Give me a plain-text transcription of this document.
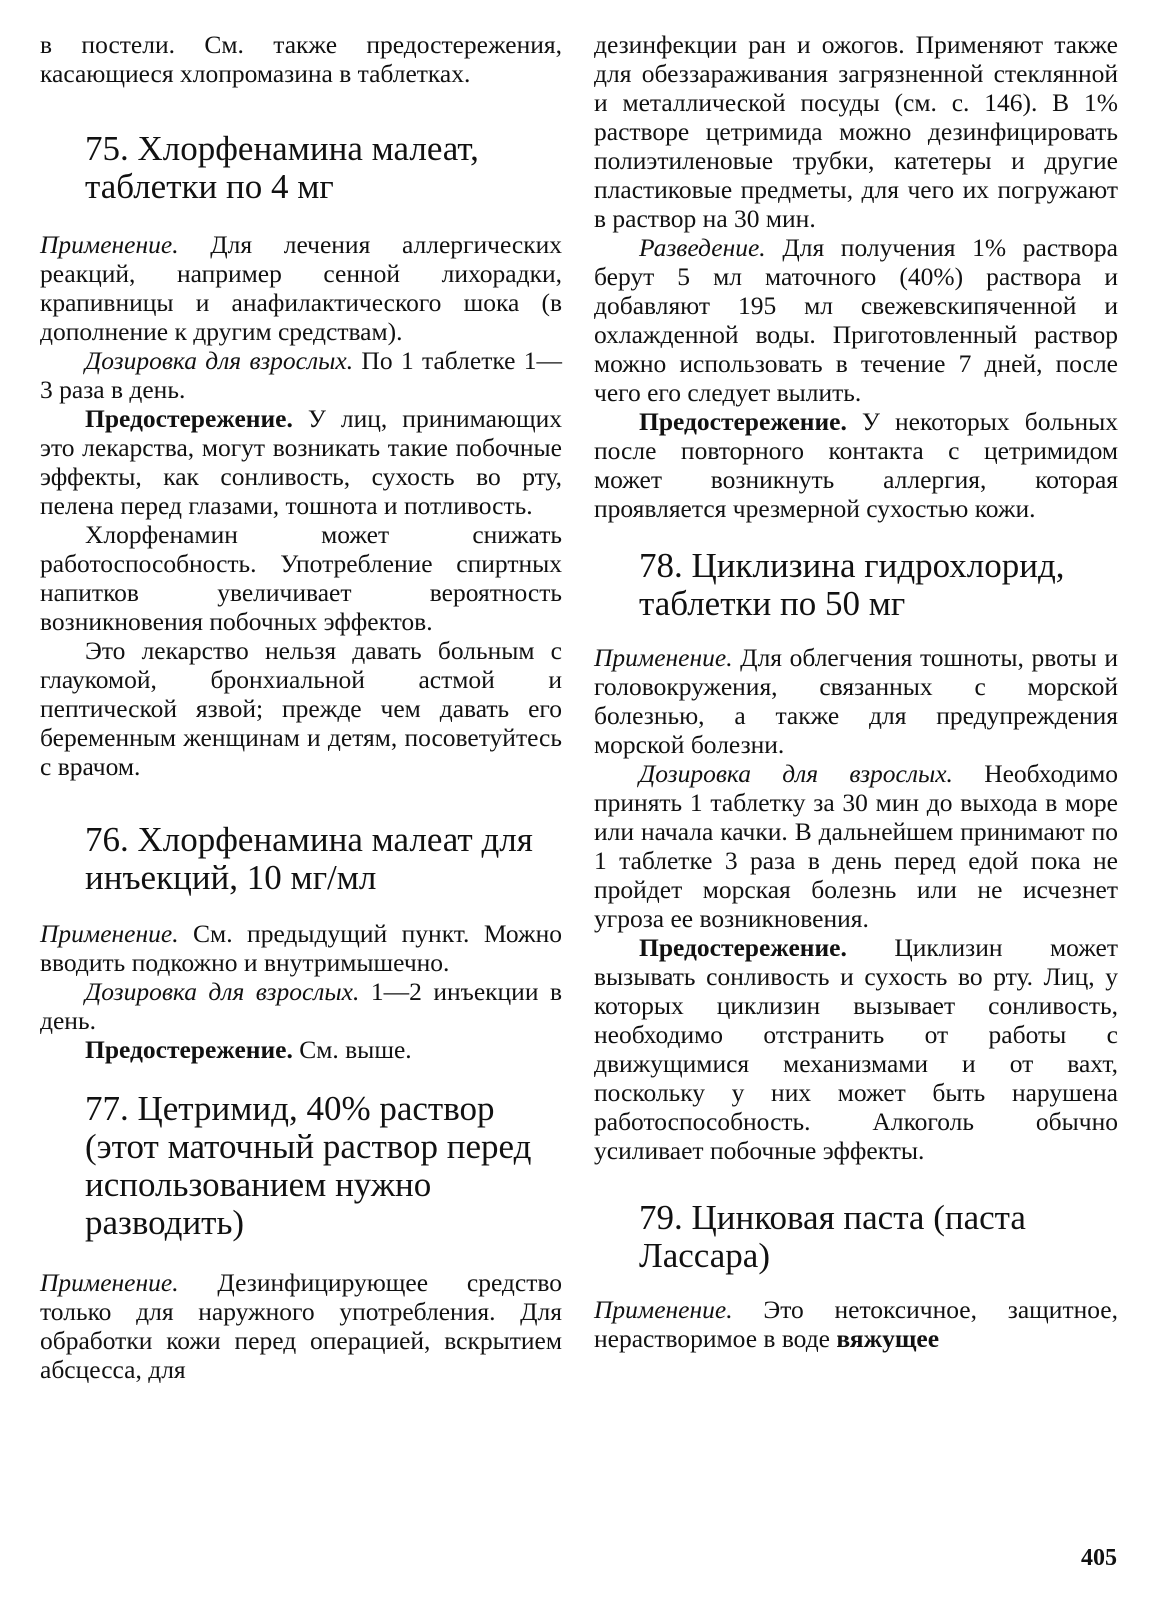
в постели. См. также предостережения, касающиеся хлопромазина в таблетках.

75. Хлорфенамина малеат, таблетки по 4 мг

Применение. Для лечения аллергических реакций, например сенной лихорадки, крапивницы и анафилактического шока (в дополнение к другим средствам).

Дозировка для взрослых. По 1 таблетке 1—3 раза в день.

Предостережение. У лиц, принимающих это лекарства, могут возникать такие побочные эффекты, как сонливость, сухость во рту, пелена перед глазами, тошнота и потливость.

Хлорфенамин может снижать работоспособность. Употребление спиртных напитков увеличивает вероятность возникновения побочных эффектов.

Это лекарство нельзя давать больным с глаукомой, бронхиальной астмой и пептической язвой; прежде чем давать его беременным женщинам и детям, посоветуйтесь с врачом.

76. Хлорфенамина малеат для инъекций, 10 мг/мл

Применение. См. предыдущий пункт. Можно вводить подкожно и внутримышечно.

Дозировка для взрослых. 1—2 инъекции в день.

Предостережение. См. выше.

77. Цетримид, 40% раствор (этот маточный раствор перед использованием нужно разводить)

Применение. Дезинфицирующее средство только для наружного употребления. Для обработки кожи перед операцией, вскрытием абсцесса, для

дезинфекции ран и ожогов. Применяют также для обеззараживания загрязненной стеклянной и металлической посуды (см. с. 146). В 1% растворе цетримида можно дезинфицировать полиэтиленовые трубки, катетеры и другие пластиковые предметы, для чего их погружают в раствор на 30 мин.

Разведение. Для получения 1% раствора берут 5 мл маточного (40%) раствора и добавляют 195 мл свежевскипяченной и охлажденной воды. Приготовленный раствор можно использовать в течение 7 дней, после чего его следует вылить.

Предостережение. У некоторых больных после повторного контакта с цетримидом может возникнуть аллергия, которая проявляется чрезмерной сухостью кожи.

78. Циклизина гидрохлорид, таблетки по 50 мг

Применение. Для облегчения тошноты, рвоты и головокружения, связанных с морской болезнью, а также для предупреждения морской болезни.

Дозировка для взрослых. Необходимо принять 1 таблетку за 30 мин до выхода в море или начала качки. В дальнейшем принимают по 1 таблетке 3 раза в день перед едой пока не пройдет морская болезнь или не исчезнет угроза ее возникновения.

Предостережение. Циклизин может вызывать сонливость и сухость во рту. Лиц, у которых циклизин вызывает сонливость, необходимо отстранить от работы с движущимися механизмами и от вахт, поскольку у них может быть нарушена работоспособность. Алкоголь обычно усиливает побочные эффекты.

79. Цинковая паста (паста Лассара)

Применение. Это нетоксичное, защитное, нерастворимое в воде вяжущее

405
